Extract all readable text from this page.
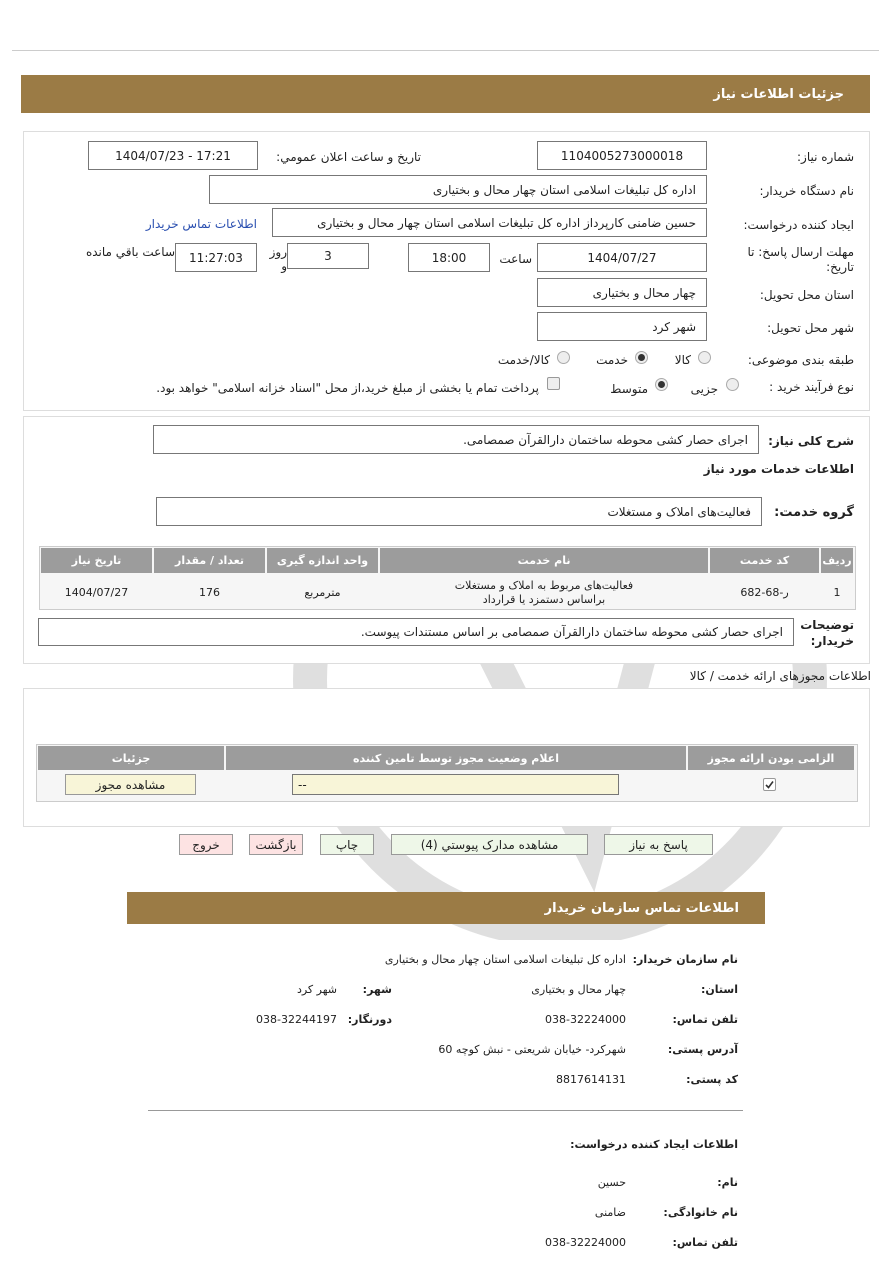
جزئیات اطلاعات نیاز
شماره نیاز:
1104005273000018
تاریخ و ساعت اعلان عمومي:
1404/07/23 - 17:21
نام دستگاه خريدار:
اداره کل تبلیغات اسلامی استان چهار محال و بختیاری
ایجاد کننده درخواست:
حسین ضامنی کارپرداز اداره کل تبلیغات اسلامی استان چهار محال و بختیاری
اطلاعات تماس خریدار
مهلت ارسال پاسخ: تا تاریخ:
1404/07/27
ساعت
18:00
3
روز و
11:27:03
ساعت باقي مانده
استان محل تحویل:
چهار محال و بختیاری
شهر محل تحویل:
شهر کرد
طبقه بندی موضوعی:
کالا
خدمت
کالا/خدمت
نوع فرآیند خرید :
جزیی
متوسط
پرداخت تمام یا بخشی از مبلغ خرید،از محل "اسناد خزانه اسلامی" خواهد بود.
شرح کلی نیاز:
اجرای حصار کشی محوطه ساختمان دارالقرآن صمصامی.
اطلاعات خدمات مورد نیاز
گروه خدمت:
فعالیت‌های املاک و مستغلات
ردیف
کد خدمت
نام خدمت
واحد اندازه گیری
تعداد / مقدار
تاریخ نیاز
1
ر-68-682
فعالیت‌های مربوط به املاک و مستغلات
براساس دستمزد یا قرارداد
مترمربع
176
1404/07/27
توضیحات خریدار:
اجرای حصار کشی محوطه ساختمان دارالقرآن صمصامی بر اساس مستندات پیوست.
اطلاعات مجوزهای ارائه خدمت / کالا
الزامی بودن ارائه مجوز
اعلام وضعیت مجوز توسط تامین کننده
جزئیات
--
مشاهده مجوز
پاسخ به نیاز
مشاهده مدارک پیوستي (4)
چاپ
بازگشت
خروج
اطلاعات تماس سازمان خریدار
نام سازمان خریدار:
اداره کل تبلیغات اسلامی استان چهار محال و بختیاری
استان:
چهار محال و بختیاری
شهر:
شهر کرد
تلفن تماس:
038-32224000
دورنگار:
038-32244197
آدرس پستی:
شهرکرد- خیابان شریعتی - نبش کوچه 60
کد پستی:
8817614131
اطلاعات ایجاد کننده درخواست:
نام:
حسین
نام خانوادگی:
ضامنی
تلفن تماس:
038-32224000
